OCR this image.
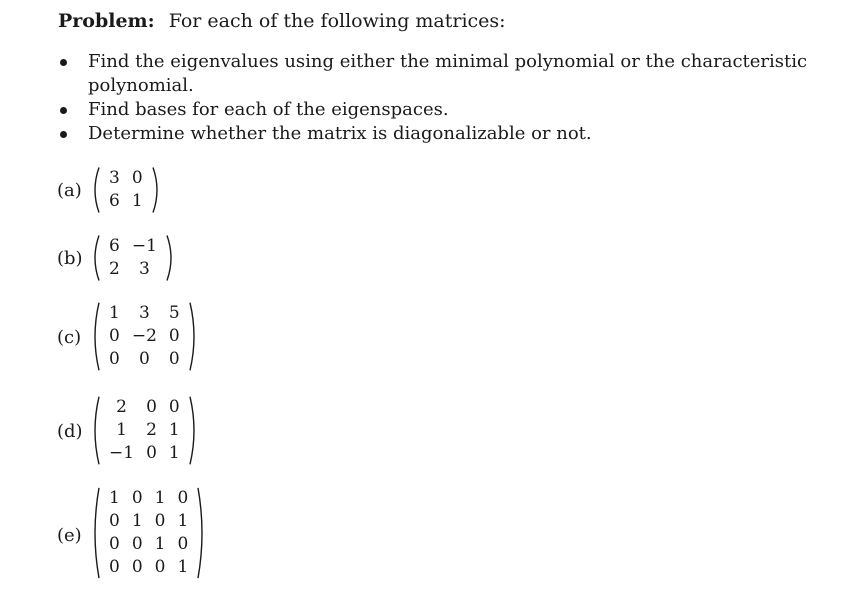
Problem: For each of the following matrices:
Find the eigenvalues using either the minimal polynomial or the characteristic polynomial.
Find bases for each of the eigenspaces.
Determine whether the matrix is diagonalizable or not.
(a)
3 0
6 1
(b)
6 −1
2	3
(c)
1	3	5
0 −2 0
0	0	0
(d)
2	0 0
1	2 1
−1 0 1
(e)
1 0 1 0
0 1 0 1
0 0 1 0
0 0 0 1
